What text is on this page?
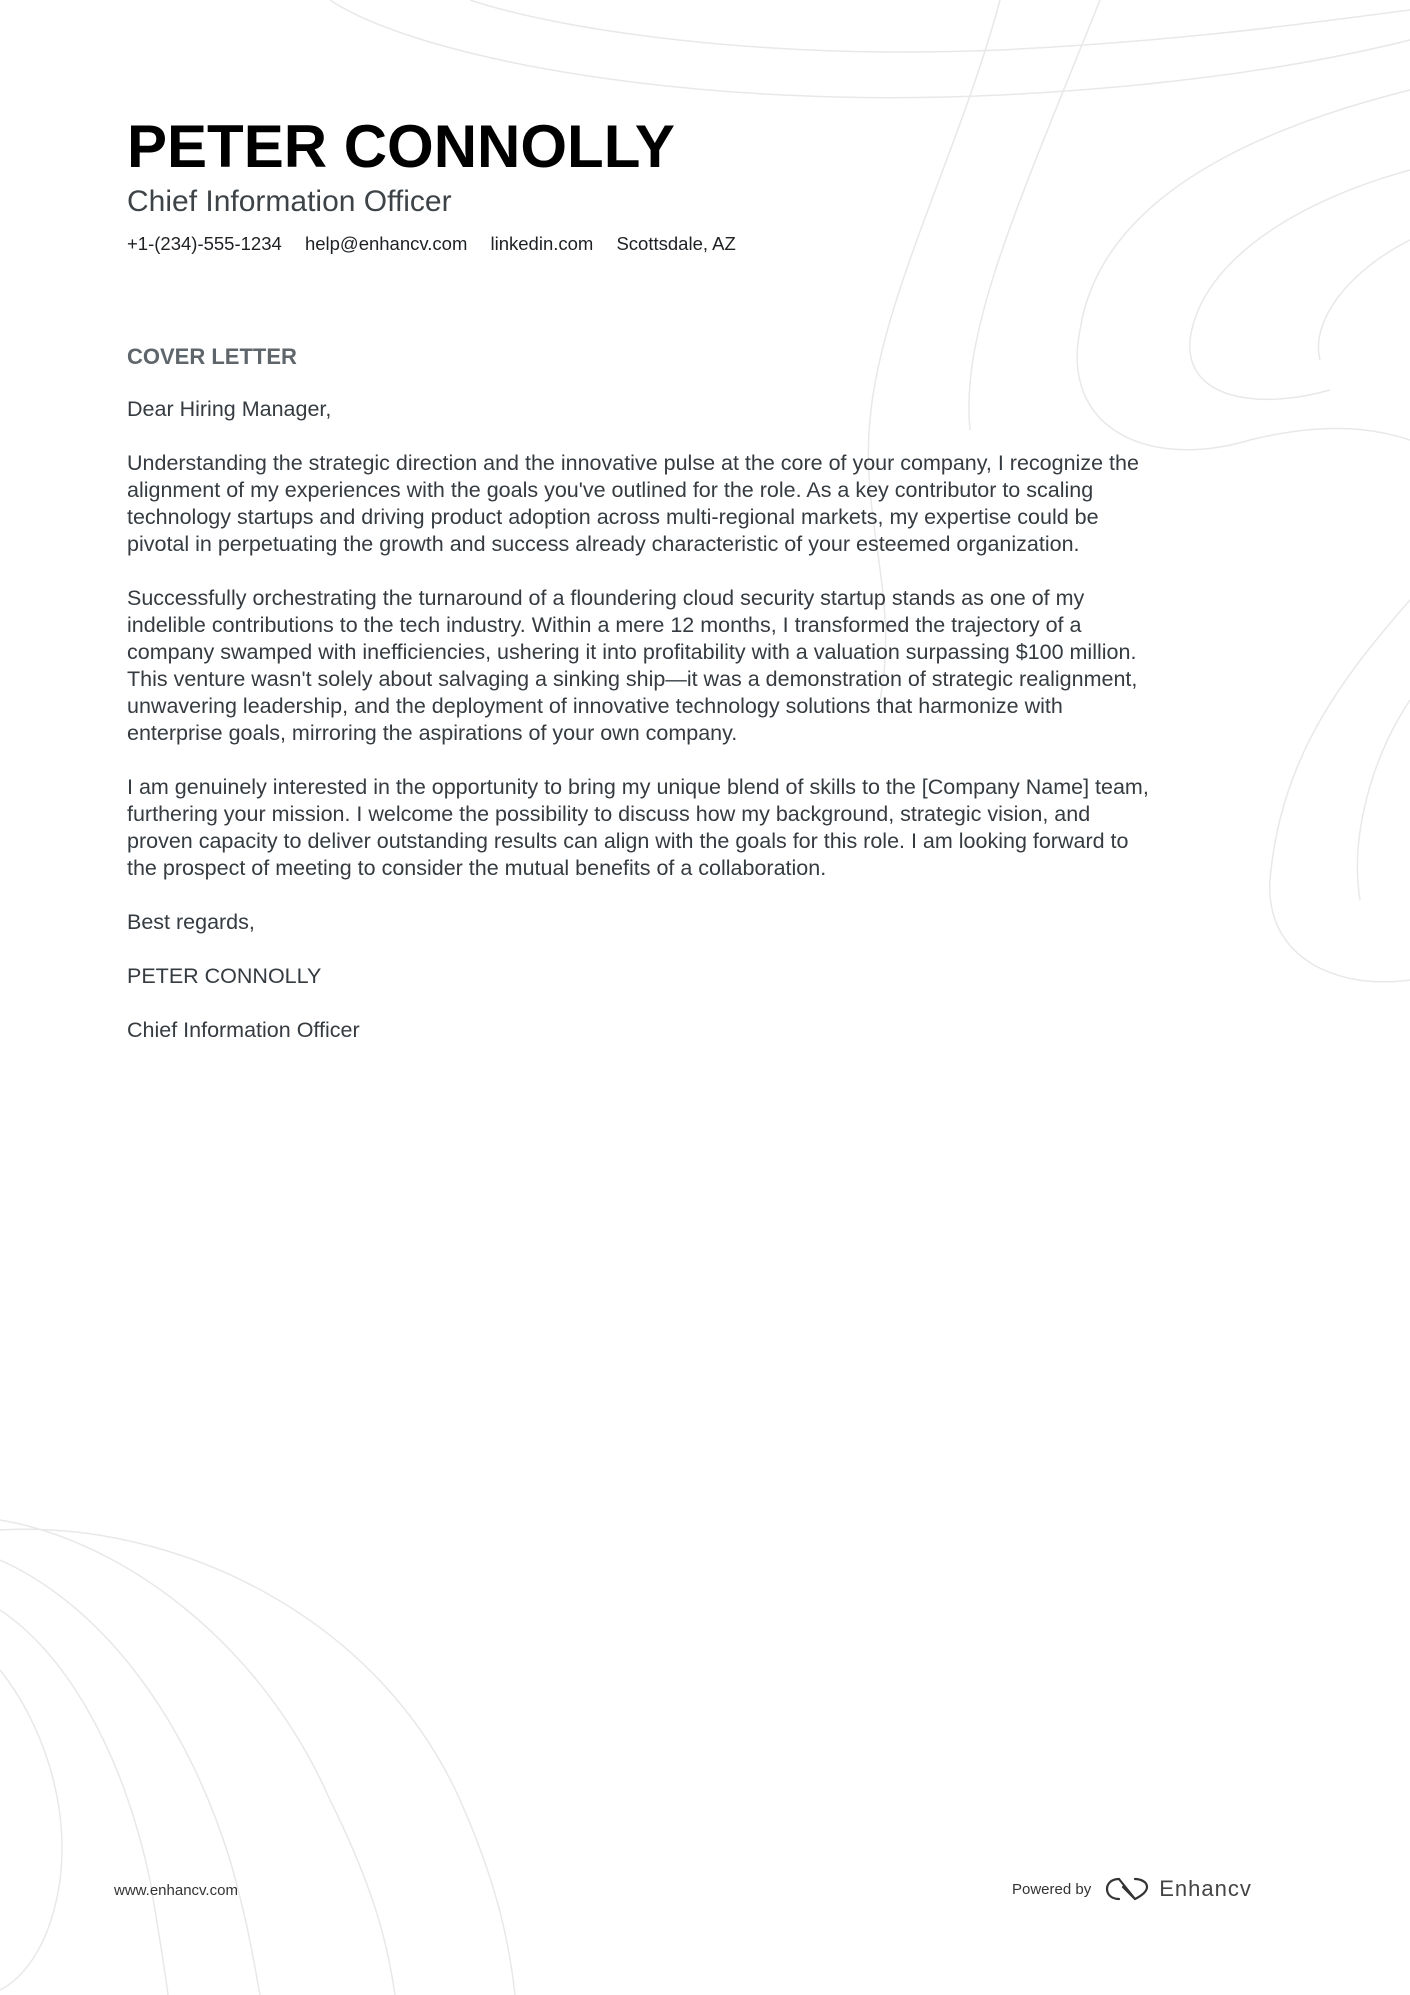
PETER CONNOLLY
Chief Information Officer
+1-(234)-555-1234 help@enhancv.com linkedin.com Scottsdale, AZ
COVER LETTER

Dear Hiring Manager,

Understanding the strategic direction and the innovative pulse at the core of your company, I recognize the
alignment of my experiences with the goals you've outlined for the role. As a key contributor to scaling
technology startups and driving product adoption across multi-regional markets, my expertise could be
pivotal in perpetuating the growth and success already characteristic of your esteemed organization.

Successfully orchestrating the turnaround of a floundering cloud security startup stands as one of my
indelible contributions to the tech industry. Within a mere 12 months, I transformed the trajectory of a
company swamped with inefficiencies, ushering it into profitability with a valuation surpassing $100 million.
This venture wasn't solely about salvaging a sinking ship—it was a demonstration of strategic realignment,
unwavering leadership, and the deployment of innovative technology solutions that harmonize with
enterprise goals, mirroring the aspirations of your own company.

I am genuinely interested in the opportunity to bring my unique blend of skills to the [Company Name] team,
furthering your mission. I welcome the possibility to discuss how my background, strategic vision, and
proven capacity to deliver outstanding results can align with the goals for this role. I am looking forward to
the prospect of meeting to consider the mutual benefits of a collaboration.

Best regards,

PETER CONNOLLY

Chief Information Officer

www.enhancv.com	Powered by	Enhancv
